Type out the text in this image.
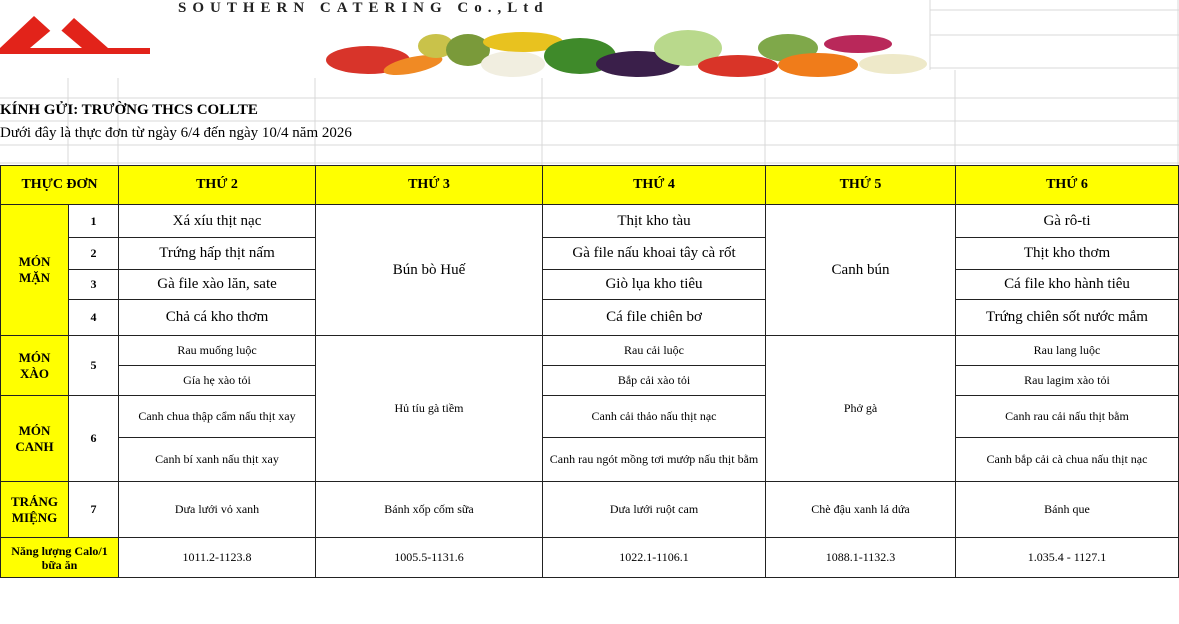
SOUTHERN CATERING Co.,Ltd
KÍNH GỬI: TRƯỜNG THCS COLLTE
Dưới đây là thực đơn từ ngày 6/4 đến ngày 10/4 năm 2026
THỰC ĐƠN		THỨ 2	THỨ 3	THỨ 4	THỨ 5	THỨ 6
MÓN MẶN	1	Xá xíu thịt nạc	Bún bò Huế	Thịt kho tàu	Canh bún	Gà rô-ti
	2	Trứng hấp thịt nấm		Gà file nấu khoai tây cà rốt		Thịt kho thơm
	3	Gà file xào lăn, sate		Giò lụa kho tiêu		Cá file kho hành tiêu
	4	Chả cá kho thơm		Cá file chiên bơ		Trứng chiên sốt nước mắm
MÓN XÀO	5	Rau muống luộc	Hủ tíu gà tiềm	Rau cải luộc	Phở gà	Rau lang luộc
		Gía hẹ xào tỏi		Bắp cải xào tỏi		Rau lagim xào tỏi
MÓN CANH	6	Canh chua thập cẩm nấu thịt xay		Canh cải thảo nấu thịt nạc		Canh rau cải nấu thịt bằm
		Canh bí xanh nấu thịt xay		Canh rau ngót mồng tơi mướp nấu thịt bằm		Canh bắp cải cà chua nấu thịt nạc
TRÁNG MIỆNG	7	Dưa lưới vỏ xanh	Bánh xốp cốm sữa	Dưa lưới ruột cam	Chè đậu xanh lá dứa	Bánh que
Năng lượng Calo/1 bữa ăn		1011.2-1123.8	1005.5-1131.6	1022.1-1106.1	1088.1-1132.3	1.035.4 - 1127.1
